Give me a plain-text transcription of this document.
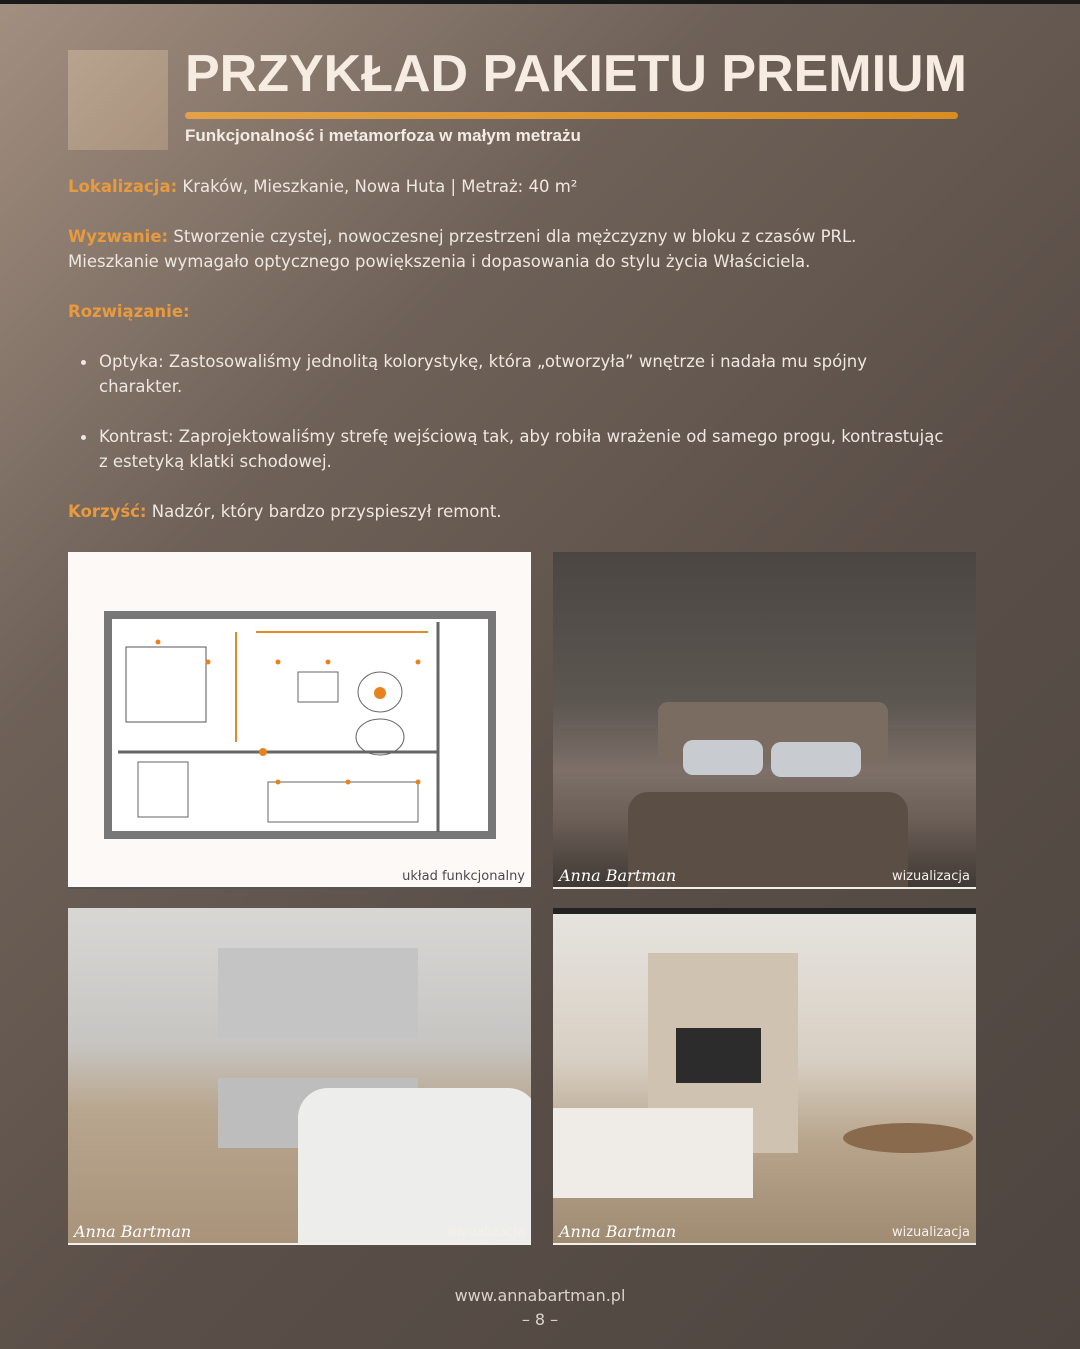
PRZYKŁAD PAKIETU PREMIUM
Funkcjonalność i metamorfoza w małym metrażu

Lokalizacja: Kraków, Mieszkanie, Nowa Huta | Metraż: 40 m²

Wyzwanie: Stworzenie czystej, nowoczesnej przestrzeni dla mężczyzny w bloku z czasów PRL. Mieszkanie wymagało optycznego powiększenia i dopasowania do stylu życia Właściciela.

Rozwiązanie:

Optyka: Zastosowaliśmy jednolitą kolorystykę, która „otworzyła” wnętrze i nadała mu spójny charakter.
Kontrast: Zaprojektowaliśmy strefę wejściową tak, aby robiła wrażenie od samego progu, kontrastując z estetyką klatki schodowej.

Korzyść: Nadzór, który bardzo przyspieszył remont.

układ funkcjonalny Anna Bartman	wizualizacja
Anna Bartman	wizualizacja Anna Bartman	wizualizacja
www.annabartman.pl
– 8 –
